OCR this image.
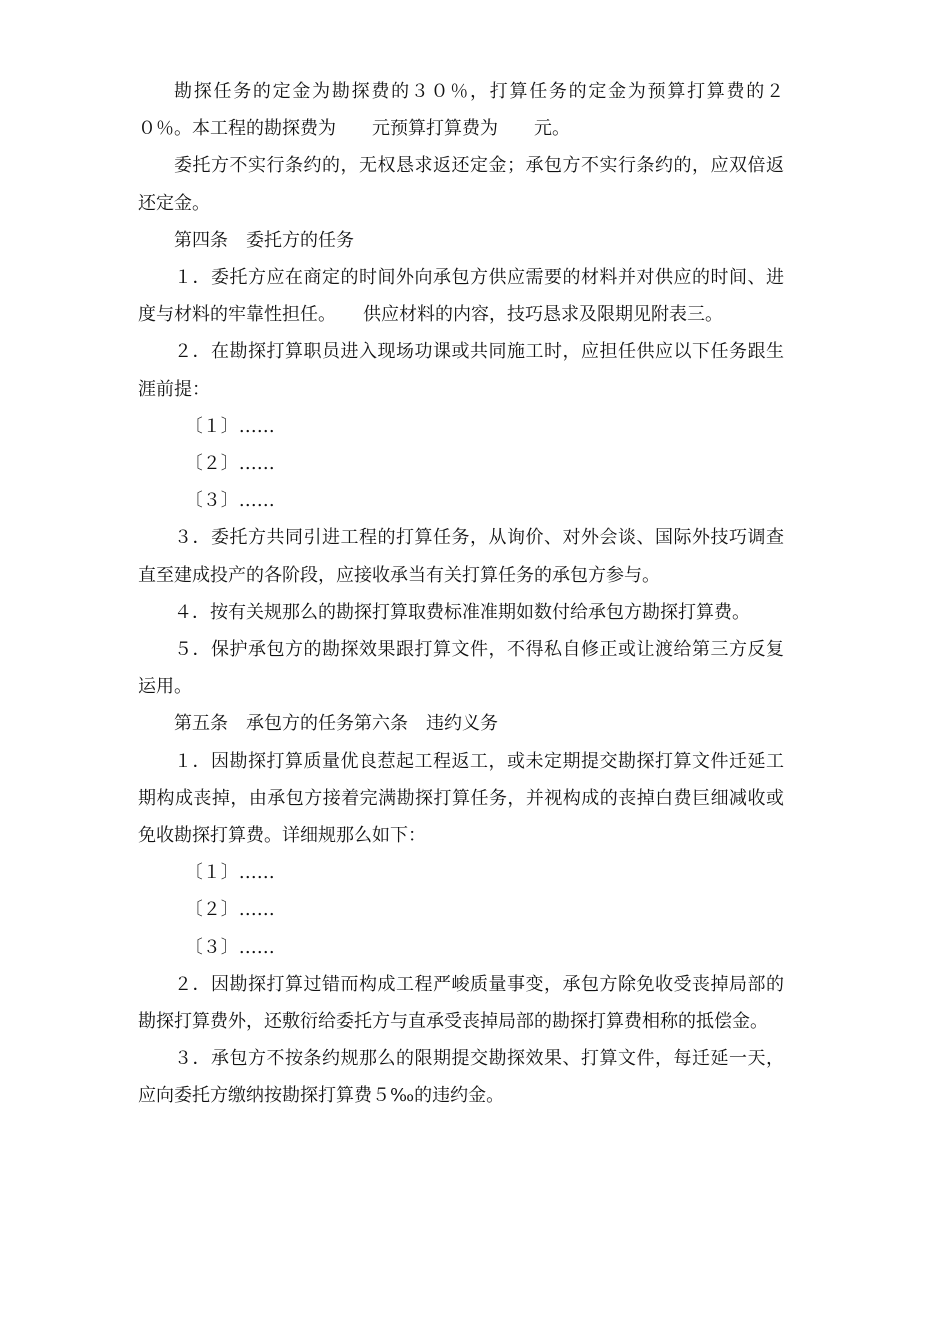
勘探任务的定金为勘探费的３０％，打算任务的定金为预算打算费的２０％。本工程的勘探费为　　元预算打算费为　　元。

委托方不实行条约的，无权恳求返还定金；承包方不实行条约的，应双倍返还定金。

第四条　委托方的任务

１．委托方应在商定的时间外向承包方供应需要的材料并对供应的时间、进度与材料的牢靠性担任。　　供应材料的内容，技巧恳求及限期见附表三。

２．在勘探打算职员进入现场功课或共同施工时，应担任供应以下任务跟生涯前提：

〔１〕……

〔２〕……

〔３〕……

３．委托方共同引进工程的打算任务，从询价、对外会谈、国际外技巧调查直至建成投产的各阶段，应接收承当有关打算任务的承包方参与。

４．按有关规那么的勘探打算取费标准准期如数付给承包方勘探打算费。

５．保护承包方的勘探效果跟打算文件，不得私自修正或让渡给第三方反复运用。

第五条　承包方的任务第六条　违约义务

１．因勘探打算质量优良惹起工程返工，或未定期提交勘探打算文件迁延工期构成丧掉，由承包方接着完满勘探打算任务，并视构成的丧掉白费巨细减收或免收勘探打算费。详细规那么如下：

〔１〕……

〔２〕……

〔３〕……

２．因勘探打算过错而构成工程严峻质量事变，承包方除免收受丧掉局部的勘探打算费外，还敷衍给委托方与直承受丧掉局部的勘探打算费相称的抵偿金。

３．承包方不按条约规那么的限期提交勘探效果、打算文件，每迁延一天，应向委托方缴纳按勘探打算费５‰的违约金。
